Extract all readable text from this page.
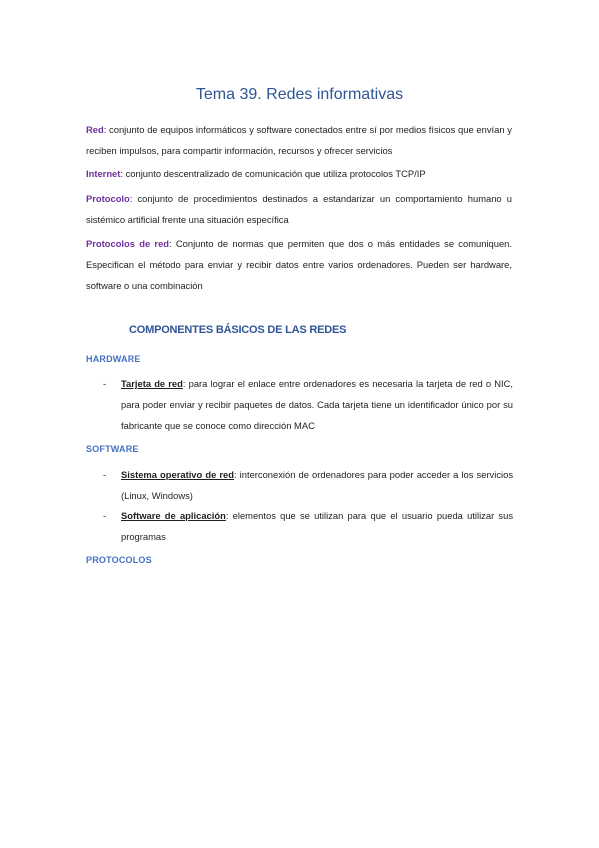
Tema 39. Redes informativas

Red: conjunto de equipos informáticos y software conectados entre sí por medios físicos que envían y reciben impulsos, para compartir información, recursos y ofrecer servicios

Internet: conjunto descentralizado de comunicación que utiliza protocolos TCP/IP

Protocolo: conjunto de procedimientos destinados a estandarizar un comportamiento humano u sistémico artificial frente una situación específica

Protocolos de red: Conjunto de normas que permiten que dos o más entidades se comuniquen. Especifican el método para enviar y recibir datos entre varios ordenadores. Pueden ser hardware, software o una combinación

COMPONENTES BÁSICOS DE LAS REDES
HARDWARE
- Tarjeta de red: para lograr el enlace entre ordenadores es necesaria la tarjeta de red o NIC, para poder enviar y recibir paquetes de datos. Cada tarjeta tiene un identificador único por su fabricante que se conoce como dirección MAC
SOFTWARE
- Sistema operativo de red: interconexión de ordenadores para poder acceder a los servicios (Linux, Windows)
- Software de aplicación: elementos que se utilizan para que el usuario pueda utilizar sus programas
PROTOCOLOS
